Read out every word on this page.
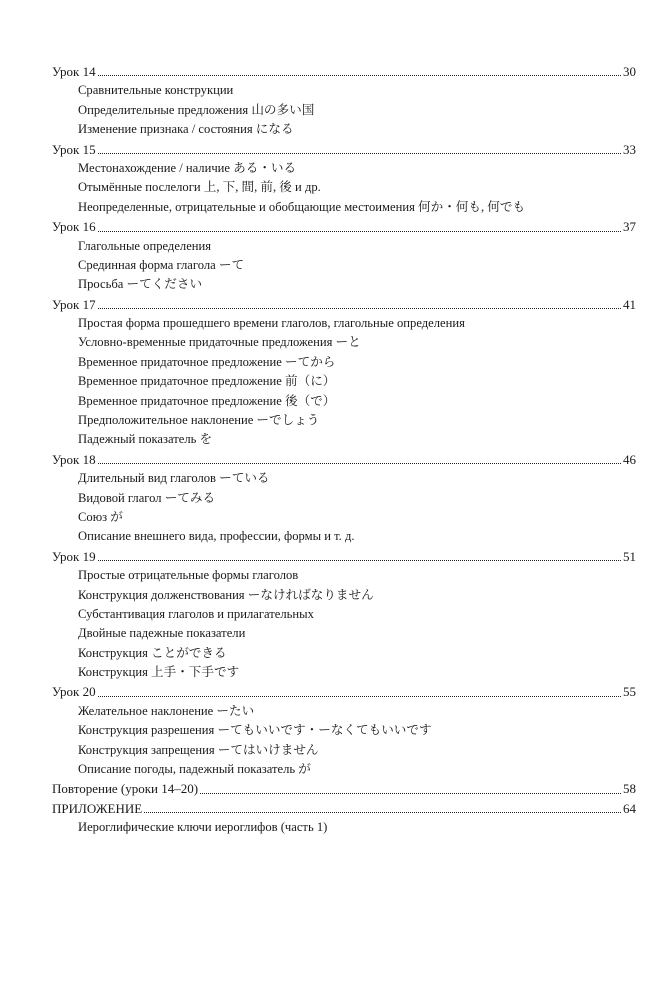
Урок 14	30
Сравнительные конструкции
Определительные предложения 山の多い国
Изменение признака / состояния になる
Урок 15	33
Местонахождение / наличие ある・いる
Отымённые послелоги 上, 下, 間, 前, 後 и др.
Неопределенные, отрицательные и обобщающие местоимения 何か・何も, 何でも
Урок 16	37
Глагольные определения
Срединная форма глагола ーて
Просьба ーてください
Урок 17	41
Простая форма прошедшего времени глаголов, глагольные определения
Условно-временные придаточные предложения ーと
Временное придаточное предложение ーてから
Временное придаточное предложение 前（に）
Временное придаточное предложение 後（で）
Предположительное наклонение ーでしょう
Падежный показатель を
Урок 18	46
Длительный вид глаголов ーている
Видовой глагол ーてみる
Союз が
Описание внешнего вида, профессии, формы и т. д.
Урок 19	51
Простые отрицательные формы глаголов
Конструкция долженствования ーなければなりません
Субстантивация глаголов и прилагательных
Двойные падежные показатели
Конструкция ことができる
Конструкция 上手・下手です
Урок 20	55
Желательное наклонение ーたい
Конструкция разрешения ーてもいいです・ーなくてもいいです
Конструкция запрещения ーてはいけません
Описание погоды, падежный показатель が
Повторение (уроки 14–20)	58
ПРИЛОЖЕНИЕ	64
Иероглифические ключи иероглифов (часть 1)
